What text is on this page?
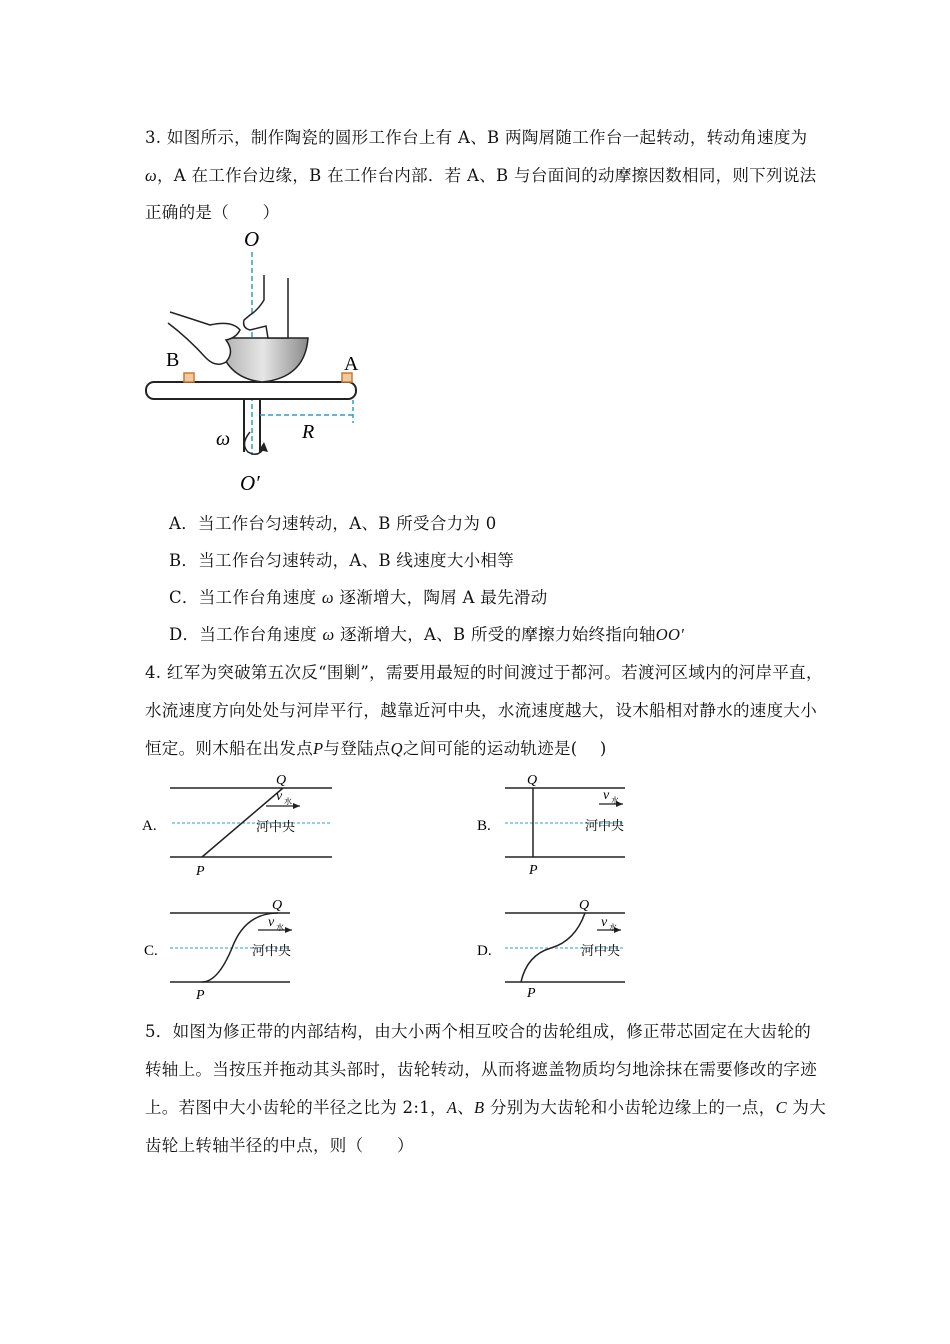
3. 如图所示，制作陶瓷的圆形工作台上有 A、B 两陶屑随工作台一起转动，转动角速度为
ω，A 在工作台边缘，B 在工作台内部．若 A、B 与台面间的动摩擦因数相同，则下列说法
正确的是（　　）
O
B	A
R
ω
O′
A．当工作台匀速转动，A、B 所受合力为 0
B．当工作台匀速转动，A、B 线速度大小相等
C．当工作台角速度 ω 逐渐增大，陶屑 A 最先滑动
D．当工作台角速度 ω 逐渐增大，A、B 所受的摩擦力始终指向轴OO′
4. 红军为突破第五次反“围剿”，需要用最短的时间渡过于都河。若渡河区域内的河岸平直，
水流速度方向处处与河岸平行，越靠近河中央，水流速度越大，设木船相对静水的速度大小
恒定。则木船在出发点P与登陆点Q之间可能的运动轨迹是(　 )
A.
Q
P
v 水
河中央	B.
Q
P
v 水
河中央
C.
Q
P
v 水
河中央	D.
Q
P
v 水
河中央
5．如图为修正带的内部结构，由大小两个相互咬合的齿轮组成，修正带芯固定在大齿轮的
转轴上。当按压并拖动其头部时，齿轮转动，从而将遮盖物质均匀地涂抹在需要修改的字迹
上。若图中大小齿轮的半径之比为 2:1，A、B 分别为大齿轮和小齿轮边缘上的一点，C 为大
齿轮上转轴半径的中点，则（　　）
